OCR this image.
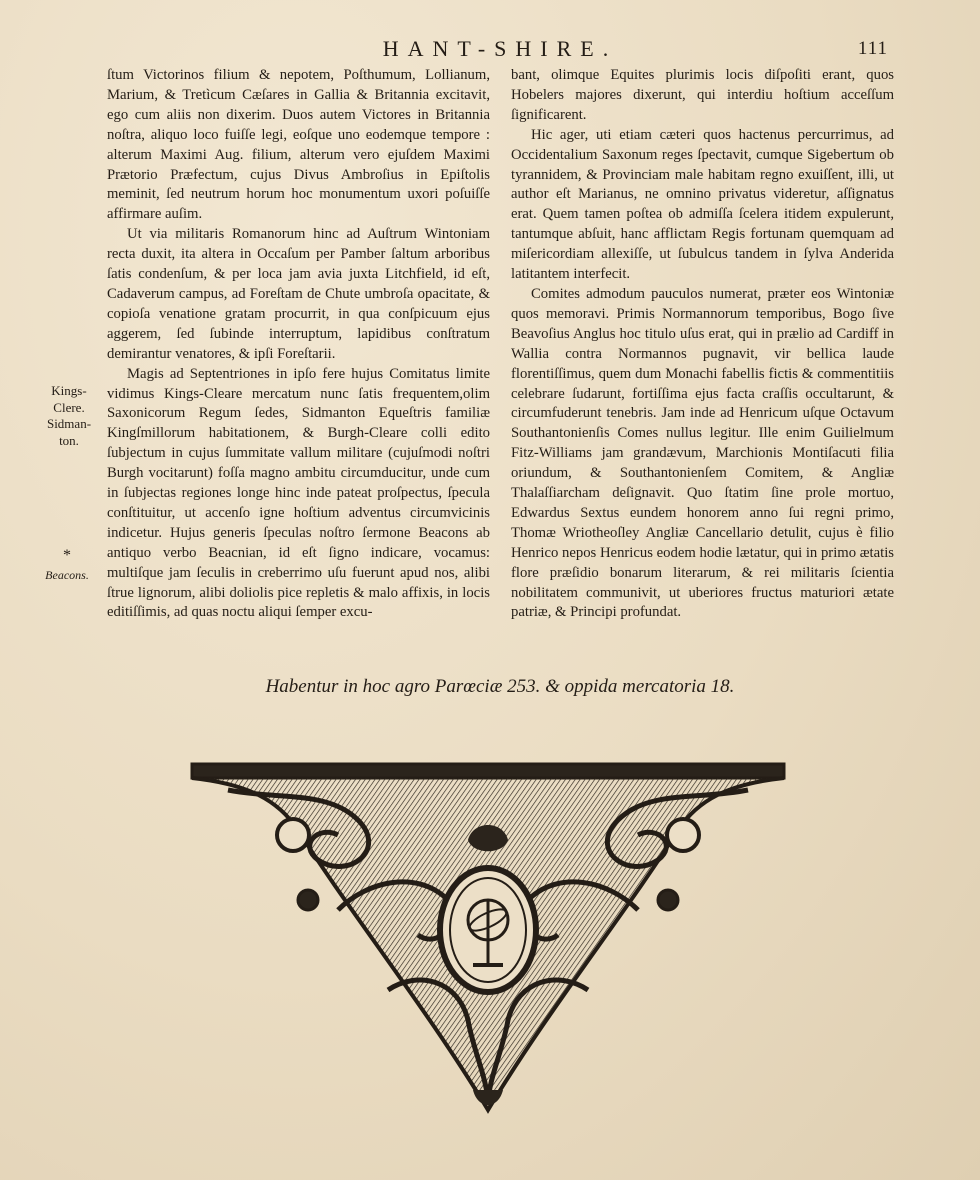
HANT-SHIRE.	111

ſtum Victorinos filium & nepotem, Poſthumum, Lollianum, Marium, & Tretìcum Cæſares in Gallia & Britannia excitavit, ego cum aliis non dixerim. Duos autem Victores in Britannia noſtra, aliquo loco fuiſſe legi, eoſque uno eodemque tempore : alterum Maximi Aug. filium, alterum vero ejuſdem Maximi Prætorio Præfectum, cujus Divus Ambroſius in Epiſtolis meminit, ſed neutrum horum hoc monumentum uxori poſuiſſe affirmare auſim.

Ut via militaris Romanorum hinc ad Auſtrum Wintoniam recta duxit, ita altera in Occaſum per Pamber ſaltum arboribus ſatis condenſum, & per loca jam avia juxta Litchfield, id eſt, Cadaverum campus, ad Foreſtam de Chute umbroſa opacitate, & copioſa venatione gratam procurrit, in qua conſpicuum ejus aggerem, ſed ſubinde interruptum, lapidibus conſtratum demirantur venatores, & ipſi Foreſtarii.

Magis ad Septentriones in ipſo fere hujus Comitatus limite vidimus Kings-Cleare mercatum nunc ſatis frequentem,olim Saxonicorum Regum ſedes, Sidmanton Equeſtris familiæ Kingſmillorum habitationem, & Burgh-Cleare colli edito ſubjectum in cujus ſummitate vallum militare (cujuſmodi noſtri Burgh vocitarunt) foſſa magno ambitu circumducitur, unde cum in ſubjectas regiones longe hinc inde pateat proſpectus, ſpecula conſtituitur, ut accenſo igne hoſtium adventus circumvicinis indicetur. Hujus generis ſpeculas noſtro ſermone Beacons ab antiquo verbo Beacnian, id eſt ſigno indicare, vocamus: multiſque jam ſeculis in creberrimo uſu fuerunt apud nos, alibi ſtrue lignorum, alibi doliolis pice repletis & malo affixis, in locis editiſſimis, ad quas noctu aliqui ſemper excu-

bant, olimque Equites plurimis locis diſpoſiti erant, quos Hobelers majores dixerunt, qui interdiu hoſtium acceſſum ſignificarent.

Hic ager, uti etiam cæteri quos hactenus percurrimus, ad Occidentalium Saxonum reges ſpectavit, cumque Sigebertum ob tyrannidem, & Provinciam male habitam regno exuiſſent, illi, ut author eſt Marianus, ne omnino privatus videretur, aſſignatus erat. Quem tamen poſtea ob admiſſa ſcelera itidem expulerunt, tantumque abſuit, hanc afflictam Regis fortunam quemquam ad miſericordiam allexiſſe, ut ſubulcus tandem in ſylva Anderida latitantem interfecit.

Comites admodum pauculos numerat, præter eos Wintoniæ quos memoravi. Primis Normannorum temporibus, Bogo ſive Beavoſius Anglus hoc titulo uſus erat, qui in prælio ad Cardiff in Wallia contra Normannos pugnavit, vir bellica laude florentiſſimus, quem dum Monachi fabellis fictis & commentitiis celebrare ſudarunt, fortiſſima ejus facta craſſis occultarunt, & circumfuderunt tenebris. Jam inde ad Henricum uſque Octavum Southantonienſis Comes nullus legitur. Ille enim Guilielmum Fitz-Williams jam grandævum, Marchionis Montiſacuti filia oriundum, & Southantonienſem Comitem, & Angliæ Thalaſſiarcham deſignavit. Quo ſtatim ſine prole mortuo, Edwardus Sextus eundem honorem anno ſui regni primo, Thomæ Wriotheoſley Angliæ Cancellario detulit, cujus è filio Henrico nepos Henricus eodem hodie lætatur, qui in primo ætatis flore præſidio bonarum literarum, & rei militaris ſcientia nobilitatem communivit, ut uberiores fructus maturiori ætate patriæ, & Principi profundat.

Kings-
Clere.
Sidman-
ton.
*
Beacons.
Habentur in hoc agro Parœciæ 253. & oppida mercatoria 18.
